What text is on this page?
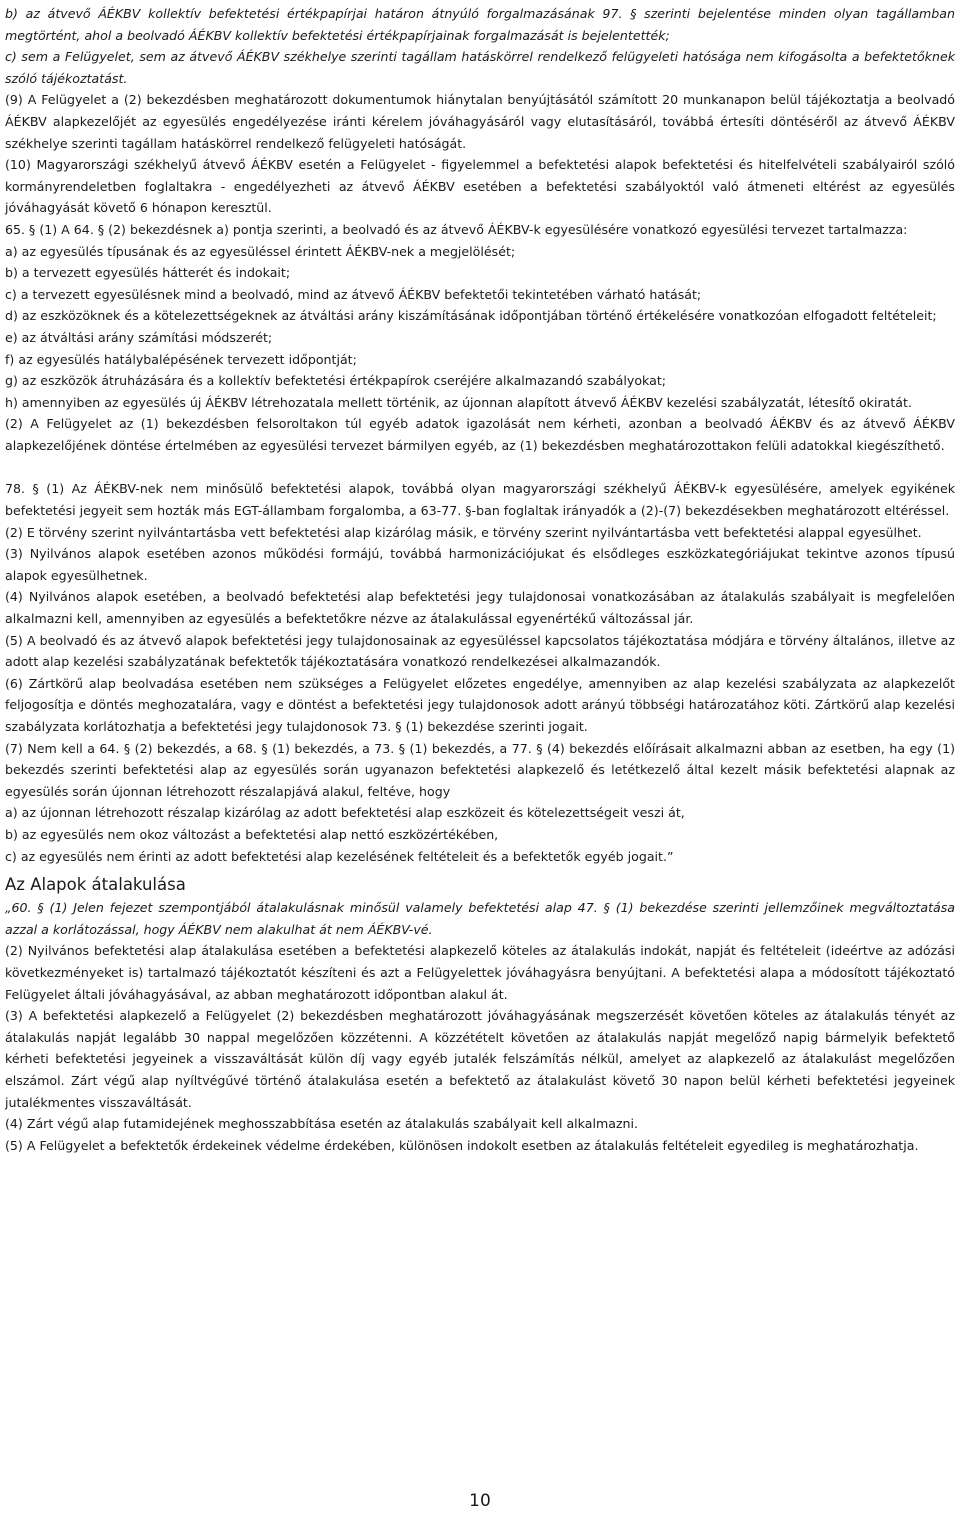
b) az átvevő ÁÉKBV kollektív befektetési értékpapírjai határon átnyúló forgalmazásának 97. § szerinti bejelentése minden olyan tagállamban megtörtént, ahol a beolvadó ÁÉKBV kollektív befektetési értékpapírjainak forgalmazását is bejelentették;

c) sem a Felügyelet, sem az átvevő ÁÉKBV székhelye szerinti tagállam hatáskörrel rendelkező felügyeleti hatósága nem kifogásolta a befektetőknek szóló tájékoztatást.

(9) A Felügyelet a (2) bekezdésben meghatározott dokumentumok hiánytalan benyújtásától számított 20 munkanapon belül tájékoztatja a beolvadó ÁÉKBV alapkezelőjét az egyesülés engedélyezése iránti kérelem jóváhagyásáról vagy elutasításáról, továbbá értesíti döntéséről az átvevő ÁÉKBV székhelye szerinti tagállam hatáskörrel rendelkező felügyeleti hatóságát.

(10) Magyarországi székhelyű átvevő ÁÉKBV esetén a Felügyelet - figyelemmel a befektetési alapok befektetési és hitelfelvételi szabályairól szóló kormányrendeletben foglaltakra - engedélyezheti az átvevő ÁÉKBV esetében a befektetési szabályoktól való átmeneti eltérést az egyesülés jóváhagyását követő 6 hónapon keresztül.

65. § (1) A 64. § (2) bekezdésnek a) pontja szerinti, a beolvadó és az átvevő ÁÉKBV-k egyesülésére vonatkozó egyesülési tervezet tartalmazza:

a) az egyesülés típusának és az egyesüléssel érintett ÁÉKBV-nek a megjelölését;

b) a tervezett egyesülés hátterét és indokait;

c) a tervezett egyesülésnek mind a beolvadó, mind az átvevő ÁÉKBV befektetői tekintetében várható hatását;

d) az eszközöknek és a kötelezettségeknek az átváltási arány kiszámításának időpontjában történő értékelésére vonatkozóan elfogadott feltételeit;

e) az átváltási arány számítási módszerét;

f) az egyesülés hatálybalépésének tervezett időpontját;

g) az eszközök átruházására és a kollektív befektetési értékpapírok cseréjére alkalmazandó szabályokat;

h) amennyiben az egyesülés új ÁÉKBV létrehozatala mellett történik, az újonnan alapított átvevő ÁÉKBV kezelési szabályzatát, létesítő okiratát.

(2) A Felügyelet az (1) bekezdésben felsoroltakon túl egyéb adatok igazolását nem kérheti, azonban a beolvadó ÁÉKBV és az átvevő ÁÉKBV alapkezelőjének döntése értelmében az egyesülési tervezet bármilyen egyéb, az (1) bekezdésben meghatározottakon felüli adatokkal kiegészíthető.

78. § (1) Az ÁÉKBV-nek nem minősülő befektetési alapok, továbbá olyan magyarországi székhelyű ÁÉKBV-k egyesülésére, amelyek egyikének befektetési jegyeit sem hozták más EGT-állambam forgalomba, a 63-77. §-ban foglaltak irányadók a (2)-(7) bekezdésekben meghatározott eltéréssel.

(2) E törvény szerint nyilvántartásba vett befektetési alap kizárólag másik, e törvény szerint nyilvántartásba vett befektetési alappal egyesülhet.

(3) Nyilvános alapok esetében azonos működési formájú, továbbá harmonizációjukat és elsődleges eszközkategóriájukat tekintve azonos típusú alapok egyesülhetnek.

(4) Nyilvános alapok esetében, a beolvadó befektetési alap befektetési jegy tulajdonosai vonatkozásában az átalakulás szabályait is megfelelően alkalmazni kell, amennyiben az egyesülés a befektetőkre nézve az átalakulással egyenértékű változással jár.

(5) A beolvadó és az átvevő alapok befektetési jegy tulajdonosainak az egyesüléssel kapcsolatos tájékoztatása módjára e törvény általános, illetve az adott alap kezelési szabályzatának befektetők tájékoztatására vonatkozó rendelkezései alkalmazandók.

(6) Zártkörű alap beolvadása esetében nem szükséges a Felügyelet előzetes engedélye, amennyiben az alap kezelési szabályzata az alapkezelőt feljogosítja e döntés meghozatalára, vagy e döntést a befektetési jegy tulajdonosok adott arányú többségi határozatához köti. Zártkörű alap kezelési szabályzata korlátozhatja a befektetési jegy tulajdonosok 73. § (1) bekezdése szerinti jogait.

(7) Nem kell a 64. § (2) bekezdés, a 68. § (1) bekezdés, a 73. § (1) bekezdés, a 77. § (4) bekezdés előírásait alkalmazni abban az esetben, ha egy (1) bekezdés szerinti befektetési alap az egyesülés során ugyanazon befektetési alapkezelő és letétkezelő által kezelt másik befektetési alapnak az egyesülés során újonnan létrehozott részalapjává alakul, feltéve, hogy

a) az újonnan létrehozott részalap kizárólag az adott befektetési alap eszközeit és kötelezettségeit veszi át,

b) az egyesülés nem okoz változást a befektetési alap nettó eszközértékében,

c) az egyesülés nem érinti az adott befektetési alap kezelésének feltételeit és a befektetők egyéb jogait.”

Az Alapok átalakulása

„60. § (1) Jelen fejezet szempontjából átalakulásnak minősül valamely befektetési alap 47. § (1) bekezdése szerinti jellemzőinek megváltoztatása azzal a korlátozással, hogy ÁÉKBV nem alakulhat át nem ÁÉKBV-vé.

(2) Nyilvános befektetési alap átalakulása esetében a befektetési alapkezelő köteles az átalakulás indokát, napját és feltételeit (ideértve az adózási következményeket is) tartalmazó tájékoztatót készíteni és azt a Felügyelettek jóváhagyásra benyújtani. A befektetési alapa a módosított tájékoztató Felügyelet általi jóváhagyásával, az abban meghatározott időpontban alakul át.

(3) A befektetési alapkezelő a Felügyelet (2) bekezdésben meghatározott jóváhagyásának megszerzését követően köteles az átalakulás tényét az átalakulás napját legalább 30 nappal megelőzően közzétenni. A közzétételt követően az átalakulás napját megelőző napig bármelyik befektető kérheti befektetési jegyeinek a visszaváltását külön díj vagy egyéb jutalék felszámítás nélkül, amelyet az alapkezelő az átalakulást megelőzően elszámol. Zárt végű alap nyíltvégűvé történő átalakulása esetén a befektető az átalakulást követő 30 napon belül kérheti befektetési jegyeinek jutalékmentes visszaváltását.

(4) Zárt végű alap futamidejének meghosszabbítása esetén az átalakulás szabályait kell alkalmazni.

(5) A Felügyelet a befektetők érdekeinek védelme érdekében, különösen indokolt esetben az átalakulás feltételeit egyedileg is meghatározhatja.

10
